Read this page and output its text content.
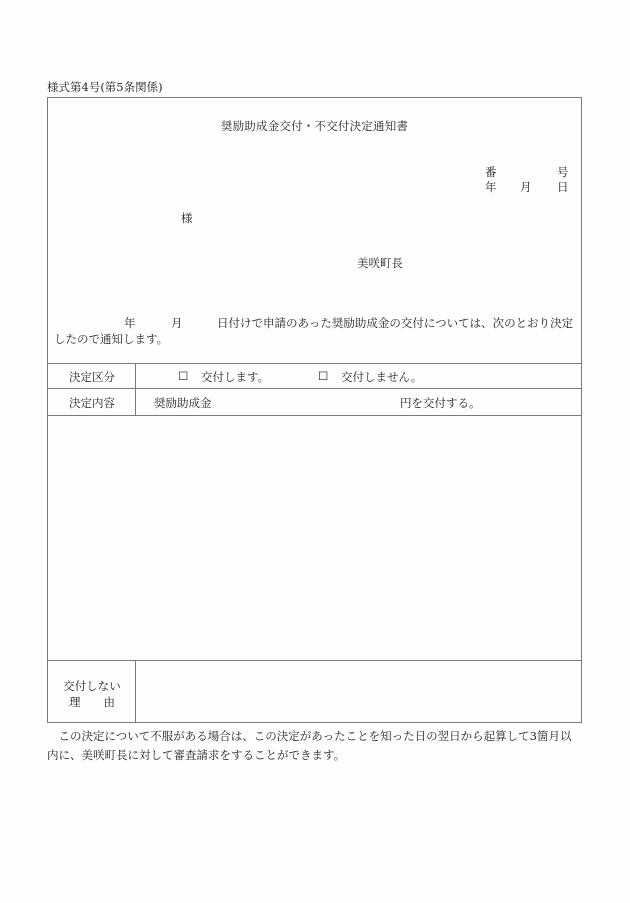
様式第4号(第5条関係)
奨励助成金交付・不交付決定通知書
番	号
年 月 日
様
美咲町長
年	月	日付けで申請のあった奨励助成金の交付については、次のとおり決定
したので通知します。
決定区分	☐ 交付します。	☐ 交付しません。
決定内容	奨励助成金	円を交付する。
交付しない
理　　由
　この決定について不服がある場合は、この決定があったことを知った日の翌日から起算して3箇月以
内に、美咲町長に対して審査請求をすることができます。
